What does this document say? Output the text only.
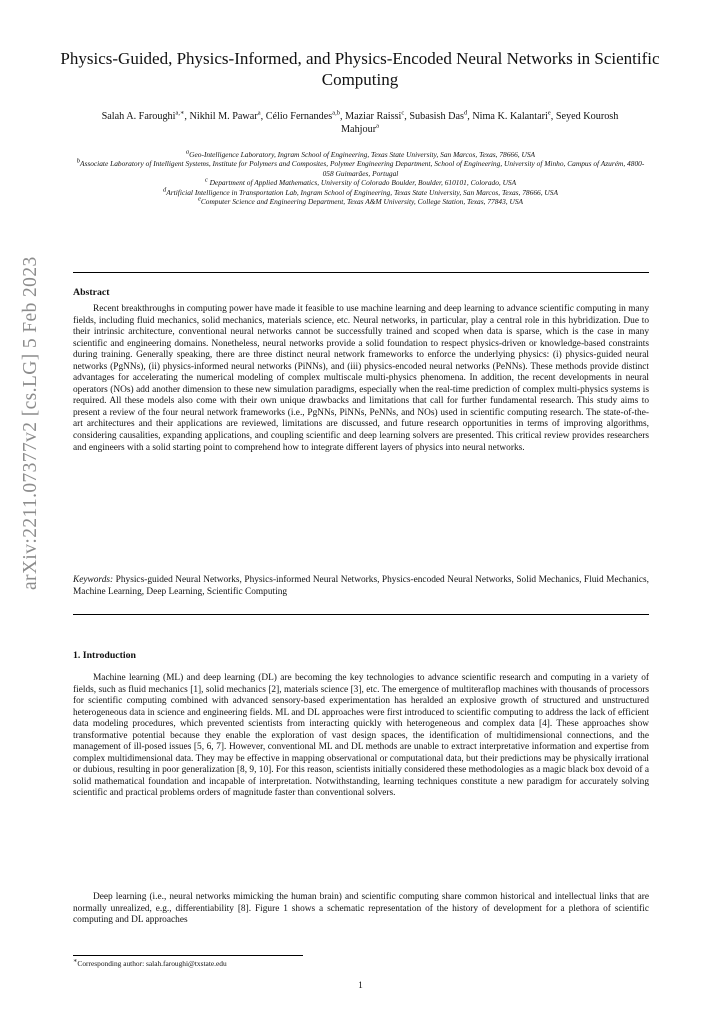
arXiv:2211.07377v2 [cs.LG] 5 Feb 2023
Physics-Guided, Physics-Informed, and Physics-Encoded Neural Networks in Scientific Computing
Salah A. Faroughi$^{a,∗}$, Nikhil M. Pawar$^a$, Célio Fernandes$^{a,b}$, Maziar Raissi$^c$, Subasish Das$^d$, Nima K. Kalantari$^e$, Seyed Kourosh Mahjour$^a$
$^a$Geo-Intelligence Laboratory, Ingram School of Engineering, Texas State University, San Marcos, Texas, 78666, USA
$^b$Associate Laboratory of Intelligent Systems, Institute for Polymers and Composites, Polymer Engineering Department, School of Engineering, University of Minho, Campus of Azurém, 4800-058 Guimarães, Portugal
$^c$ Department of Applied Mathematics, University of Colorado Boulder, Boulder, 610101, Colorado, USA
$^d$Artificial Intelligence in Transportation Lab, Ingram School of Engineering, Texas State University, San Marcos, Texas, 78666, USA
$^e$Computer Science and Engineering Department, Texas A&M University, College Station, Texas, 77843, USA
Abstract

Recent breakthroughs in computing power have made it feasible to use machine learning and deep learning to advance scientific computing in many fields, including fluid mechanics, solid mechanics, materials science, etc. Neural networks, in particular, play a central role in this hybridization. Due to their intrinsic architecture, conventional neural networks cannot be successfully trained and scoped when data is sparse, which is the case in many scientific and engineering domains. Nonetheless, neural networks provide a solid foundation to respect physics-driven or knowledge-based constraints during training. Generally speaking, there are three distinct neural network frameworks to enforce the underlying physics: (i) physics-guided neural networks (PgNNs), (ii) physics-informed neural networks (PiNNs), and (iii) physics-encoded neural networks (PeNNs). These methods provide distinct advantages for accelerating the numerical modeling of complex multiscale multi-physics phenomena. In addition, the recent developments in neural operators (NOs) add another dimension to these new simulation paradigms, especially when the real-time prediction of complex multi-physics systems is required. All these models also come with their own unique drawbacks and limitations that call for further fundamental research. This study aims to present a review of the four neural network frameworks (i.e., PgNNs, PiNNs, PeNNs, and NOs) used in scientific computing research. The state-of-the-art architectures and their applications are reviewed, limitations are discussed, and future research opportunities in terms of improving algorithms, considering causalities, expanding applications, and coupling scientific and deep learning solvers are presented. This critical review provides researchers and engineers with a solid starting point to comprehend how to integrate different layers of physics into neural networks.

Keywords: Physics-guided Neural Networks, Physics-informed Neural Networks, Physics-encoded Neural Networks, Solid Mechanics, Fluid Mechanics, Machine Learning, Deep Learning, Scientific Computing

1. Introduction

Machine learning (ML) and deep learning (DL) are becoming the key technologies to advance scientific research and computing in a variety of fields, such as fluid mechanics [1], solid mechanics [2], materials science [3], etc. The emergence of multiteraflop machines with thousands of processors for scientific computing combined with advanced sensory-based experimentation has heralded an explosive growth of structured and unstructured heterogeneous data in science and engineering fields. ML and DL approaches were first introduced to scientific computing to address the lack of efficient data modeling procedures, which prevented scientists from interacting quickly with heterogeneous and complex data [4]. These approaches show transformative potential because they enable the exploration of vast design spaces, the identification of multidimensional connections, and the management of ill-posed issues [5, 6, 7]. However, conventional ML and DL methods are unable to extract interpretative information and expertise from complex multidimensional data. They may be effective in mapping observational or computational data, but their predictions may be physically irrational or dubious, resulting in poor generalization [8, 9, 10]. For this reason, scientists initially considered these methodologies as a magic black box devoid of a solid mathematical foundation and incapable of interpretation. Notwithstanding, learning techniques constitute a new paradigm for accurately solving scientific and practical problems orders of magnitude faster than conventional solvers.

Deep learning (i.e., neural networks mimicking the human brain) and scientific computing share common historical and intellectual links that are normally unrealized, e.g., differentiability [8]. Figure 1 shows a schematic representation of the history of development for a plethora of scientific computing and DL approaches

∗Corresponding author: salah.faroughi@txstate.edu
1
